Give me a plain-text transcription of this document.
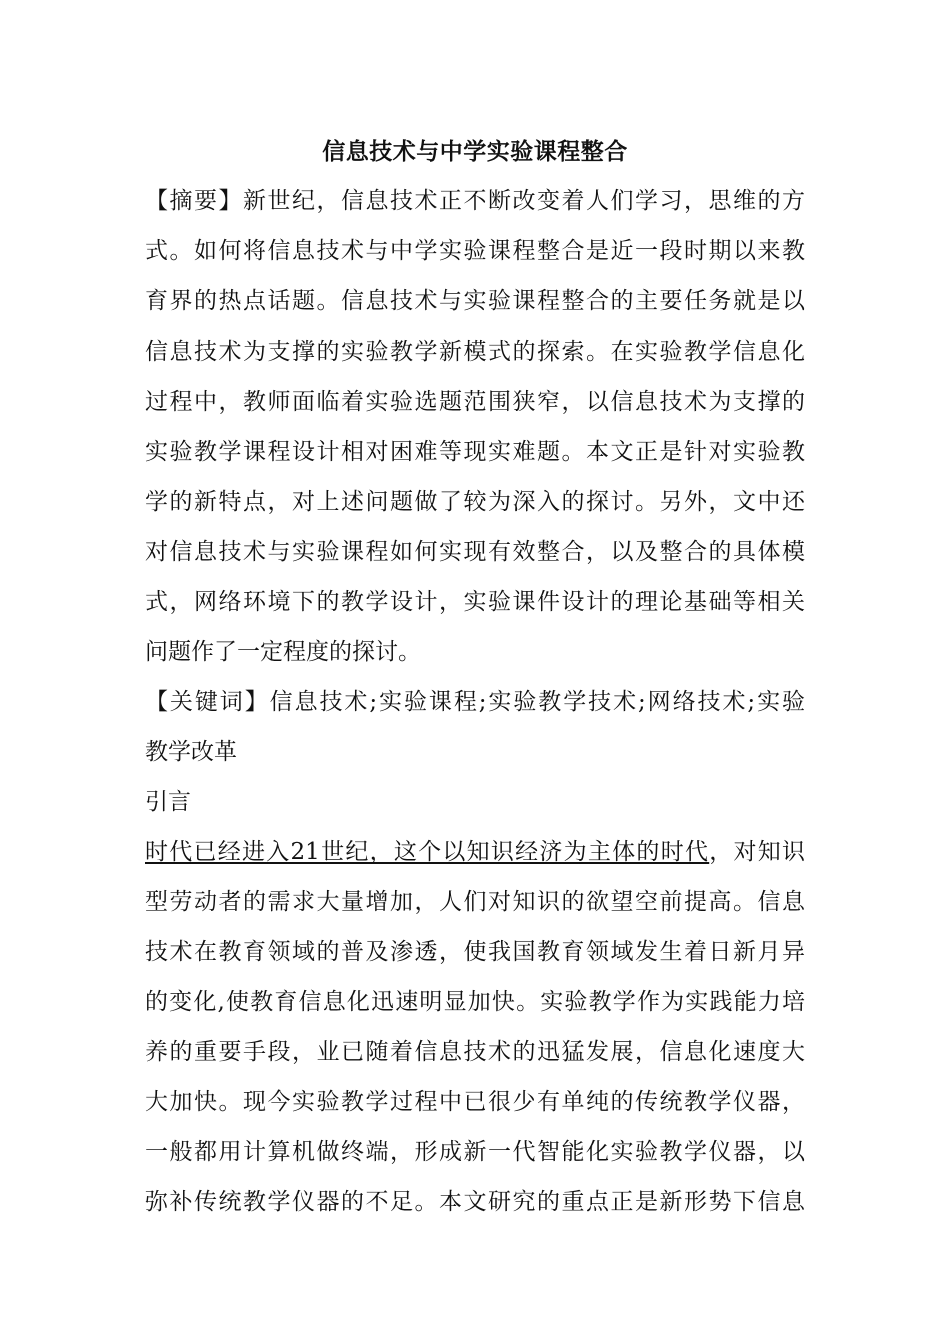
信息技术与中学实验课程整合
【摘要】新世纪，信息技术正不断改变着人们学习，思维的方
式。如何将信息技术与中学实验课程整合是近一段时期以来教
育界的热点话题。信息技术与实验课程整合的主要任务就是以
信息技术为支撑的实验教学新模式的探索。在实验教学信息化
过程中，教师面临着实验选题范围狭窄，以信息技术为支撑的
实验教学课程设计相对困难等现实难题。本文正是针对实验教
学的新特点，对上述问题做了较为深入的探讨。另外，文中还
对信息技术与实验课程如何实现有效整合，以及整合的具体模
式，网络环境下的教学设计，实验课件设计的理论基础等相关
问题作了一定程度的探讨。
【关键词】信息技术;实验课程;实验教学技术;网络技术;实验
教学改革
引言
时代已经进入21世纪，这个以知识经济为主体的时代，对知识
型劳动者的需求大量增加，人们对知识的欲望空前提高。信息
技术在教育领域的普及渗透，使我国教育领域发生着日新月异
的变化,使教育信息化迅速明显加快。实验教学作为实践能力培
养的重要手段，业已随着信息技术的迅猛发展，信息化速度大
大加快。现今实验教学过程中已很少有单纯的传统教学仪器，
一般都用计算机做终端，形成新一代智能化实验教学仪器，以
弥补传统教学仪器的不足。本文研究的重点正是新形势下信息
